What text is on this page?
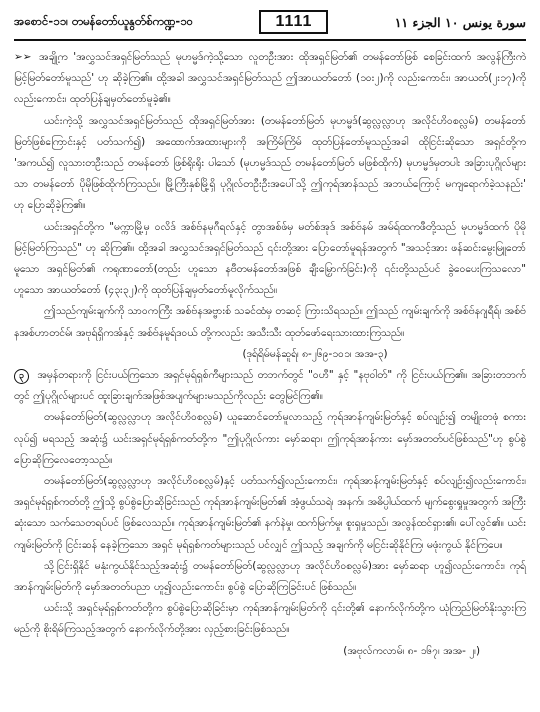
အစောင်-၁၁၊ တမန်တော်ယူနွတ်စ်ကဏ္ဍ-၁၀	1111	سورة يونس ١٠ الجزء ١١

➢➢ အချို့က 'အလွှသင်အရှင်မြတ်သည် မုဟမ္မဒ်ကဲ့သို့သော လူတဦးအား ထိုအရှင်မြတ်၏ တမန်တော်ဖြစ် စေခြင်းထက် အလွန်ကြီးကဲ မြင့်မြတ်တော်မူသည်' ဟု ဆိုခဲ့ကြ၏။ ထို့အခါ အလွှသင်အရှင်မြတ်သည် ဤအာယတ်တော် (၁၀း၂)ကို လည်းကောင်း၊ အာယတ်(၂း၁၇)ကို လည်းကောင်း၊ ထုတ်ပြန်ချမှတ်တော်မူခဲ့၏။

ယင်းကဲ့သို့ အလွှသင်အရှင်မြတ်သည် ထိုအရှင်မြတ်အား (တမန်တော်မြတ် မုဟမ္မဒ်(ဆွလ္လလ္လာဟု အလိုင်ဟိဝစလ္လမ်) တမန်တော်မြတ်ဖြစ်ကြောင်းနှင့် ပတ်သက်၍) အထောက်အထားများကို အကြိမ်ကြိမ် ထုတ်ပြန်တော်မူသည့်အခါ ထိုငြင်းဆိုသော အရှင်တို့က 'အကယ်၍ လူသားတဦးသည် တမန်တော် ဖြစ်ရိုးရိုး ပါသော် (မုဟမ္မဒ်သည် တမန်တော်မြတ် မဖြစ်ထိုက်) မုဟမ္မဒ်မှတပါး အခြားပုဂ္ဂိုလ်များသာ တမန်တော် ပိုမိုဖြစ်ထိုက်ကြသည်။ မြို့ကြီးနှစ်မြို့ရှိ ပုဂ္ဂိုလ်တဦးဦးအပေါ်သို့ ဤကုရ်အာန်သည် အဘယ်ကြောင့် မကျရောက်ခဲ့သနည်း' ဟု ပြောဆိုခဲ့ကြ၏။

ယင်းအရှင်တို့က "မက္ကာမြို့မှ ဝလိဒ် အစ်ဗ်နမုဂီရလ်နှင့် တွာအစ်ဖ်မှ မတ်စ်အုဒ် အစ်ဗ်နမ် အမ်ရ်ထကဖီတို့သည် မုဟမ္မဒ်ထက် ပိုမိုမြင့်မြတ်ကြသည်" ဟု ဆိုကြ၏။ ထို့အခါ အလွှသင်အရှင်မြတ်သည် ၎င်းတို့အား ပြောတော်မူရန်အတွက် "အသင့်အား ဖန်ဆင်းမွေးမြူတော်မူသော အရှင်မြတ်၏ ကရုဏာတော်(တည်း ဟူသော နဗီတမန်တော်အဖြစ် ချီးမြှောက်ခြင်း)ကို ၎င်းတို့သည်ပင် ခွဲဝေပေးကြသလော" ဟူသော အာယတ်တော် (၄၃း၃၂)ကို ထုတ်ပြန်ချမှတ်တော်မူလိုက်သည်။

ဤသည်ကျမ်းချက်ကို သာဝကကြီး အစ်ဗ်နအဗ္ဗားစ် သခင်ထံမှ တဆင့် ကြားသိရသည်။ ဤသည် ကျမ်းချက်ကို အစ်ဗ်နဂျရီရ်၊ အစ်ဗ်နအစ်ဟာတင်မ်၊ အဗုရ်ရှိကအ်နှင့် အစ်ဗ်နမူရ်ဒဝယ် တို့ကလည်း အသီးသီး ထုတ်ဖော်ရေးသားထားကြသည်။
(ဒုရ်ရိမ်မန်ဆူရ်၊ ၈-၂၆၉-၁၀၁၊ အအ-၃)

၃ အမှန်တရားကို ငြင်းပယ်ကြသော အရှင်မုရ်ရှစ်ကီများသည် တဘက်တွင် "ဝဟီ" နှင့် "နဗုဝါတ်" ကို ငြင်းပယ်ကြ၏။ အခြားတဘက်တွင် ဤပုဂ္ဂိုလ်များပင် ထူးခြားချက်အဖြစ်အပျက်များမသည်ကိုလည်း တွေမြင်ကြ၏။

တမန်တော်မြတ်(ဆွလ္လလ္လာဟု အလိုင်ဟိဝစလ္လမ်) ယူဆောင်တော်မူလာသည့် ကုရ်အာန်ကျမ်းမြတ်နှင့် စပ်လျဉ်း၍ တမျိုးတဖုံ စကားလုပ်၍ မရသည့် အဆုံး၌ ယင်းအရှင်မုရ်ရှစ်ကတ်တို့က "ဤပုဂ္ဂိုလ်ကား မှော်ဆရာ၊ ဤကုရ်အာန်ကား မှော်အတတ်ပင်ဖြစ်သည်"ဟု စွပ်စွဲပြောဆိုကြလေတော့သည်။

တမန်တော်မြတ်(ဆွလ္လလ္လာဟု အလိုင်ဟိဝစလ္လမ်)နှင့် ပတ်သက်၍လည်းကောင်း၊ ကုရ်အာန်ကျမ်းမြတ်နှင့် စပ်လျဉ်း၍လည်းကောင်း၊ အရှင်မုရ်ရှစ်ကတ်တို့ ဤသို့ စွပ်စွဲပြောဆိုခြင်းသည် ကုရ်အာန်ကျမ်းမြတ်၏ အံ့ဖွယ်သရဲ၊ အနက်၊ အဓိပ္ပါယ်ထက် မျက်စွေးရှုမှုအတွက် အကြီးဆုံးသော သက်သေတရပ်ပင် ဖြစ်လေသည်။ ကုရ်အာန်ကျမ်းမြတ်၏ နက်နဲမှု၊ ထက်မြက်မှု၊ စူးရှမှုသည်၊ အလွန်ထင်ရှား၏၊ ပေါ်လွင်၏။ ယင်းကျမ်းမြတ်ကို ငြင်းဆန် နေခဲ့ကြသော အရှင် မုရ်ရှစ်ကတ်များသည် ပင်လျှင် ဤသည့် အချက်ကို မငြင်းဆိုနိုင်ကြ၊ မဖုံးကွယ် နိုင်ကြပေ။

သို့ငြင်းရှိနိုင် မနုံးကွယ်နိုင်သည့်အဆုံး၌ တမန်တော်မြတ်(ဆွလ္လလ္လာဟု အလိုင်ဟိဝစလ္လမ်)အား မှော်ဆရာ ဟူ၍လည်းကောင်း၊ ကုရ်အာန်ကျမ်းမြတ်ကို မှော်အတတ်ပညာ ဟူ၍လည်းကောင်း၊ စွပ်စွဲ ပြောဆိုကြခြင်းပင် ဖြစ်သည်။

ယင်းသို့ အရှင်မုရ်ရှစ်ကတ်တို့က စွပ်စွဲပြောဆိုခြင်းမှာ ကုရ်အာန်ကျမ်းမြတ်ကို ၎င်းတို့၏ နောက်လိုက်တို့က ယုံကြည်မြတ်နိုးသွားကြမည်ကို စိုးရိမ်ကြသည့်အတွက် နောက်လိုက်တို့အား လှည့်စားခြင်းဖြစ်သည်။
(အဗုလ်ကလာမ်၊ ၈- ၁၆၇၊ အအ- ၂၊)
